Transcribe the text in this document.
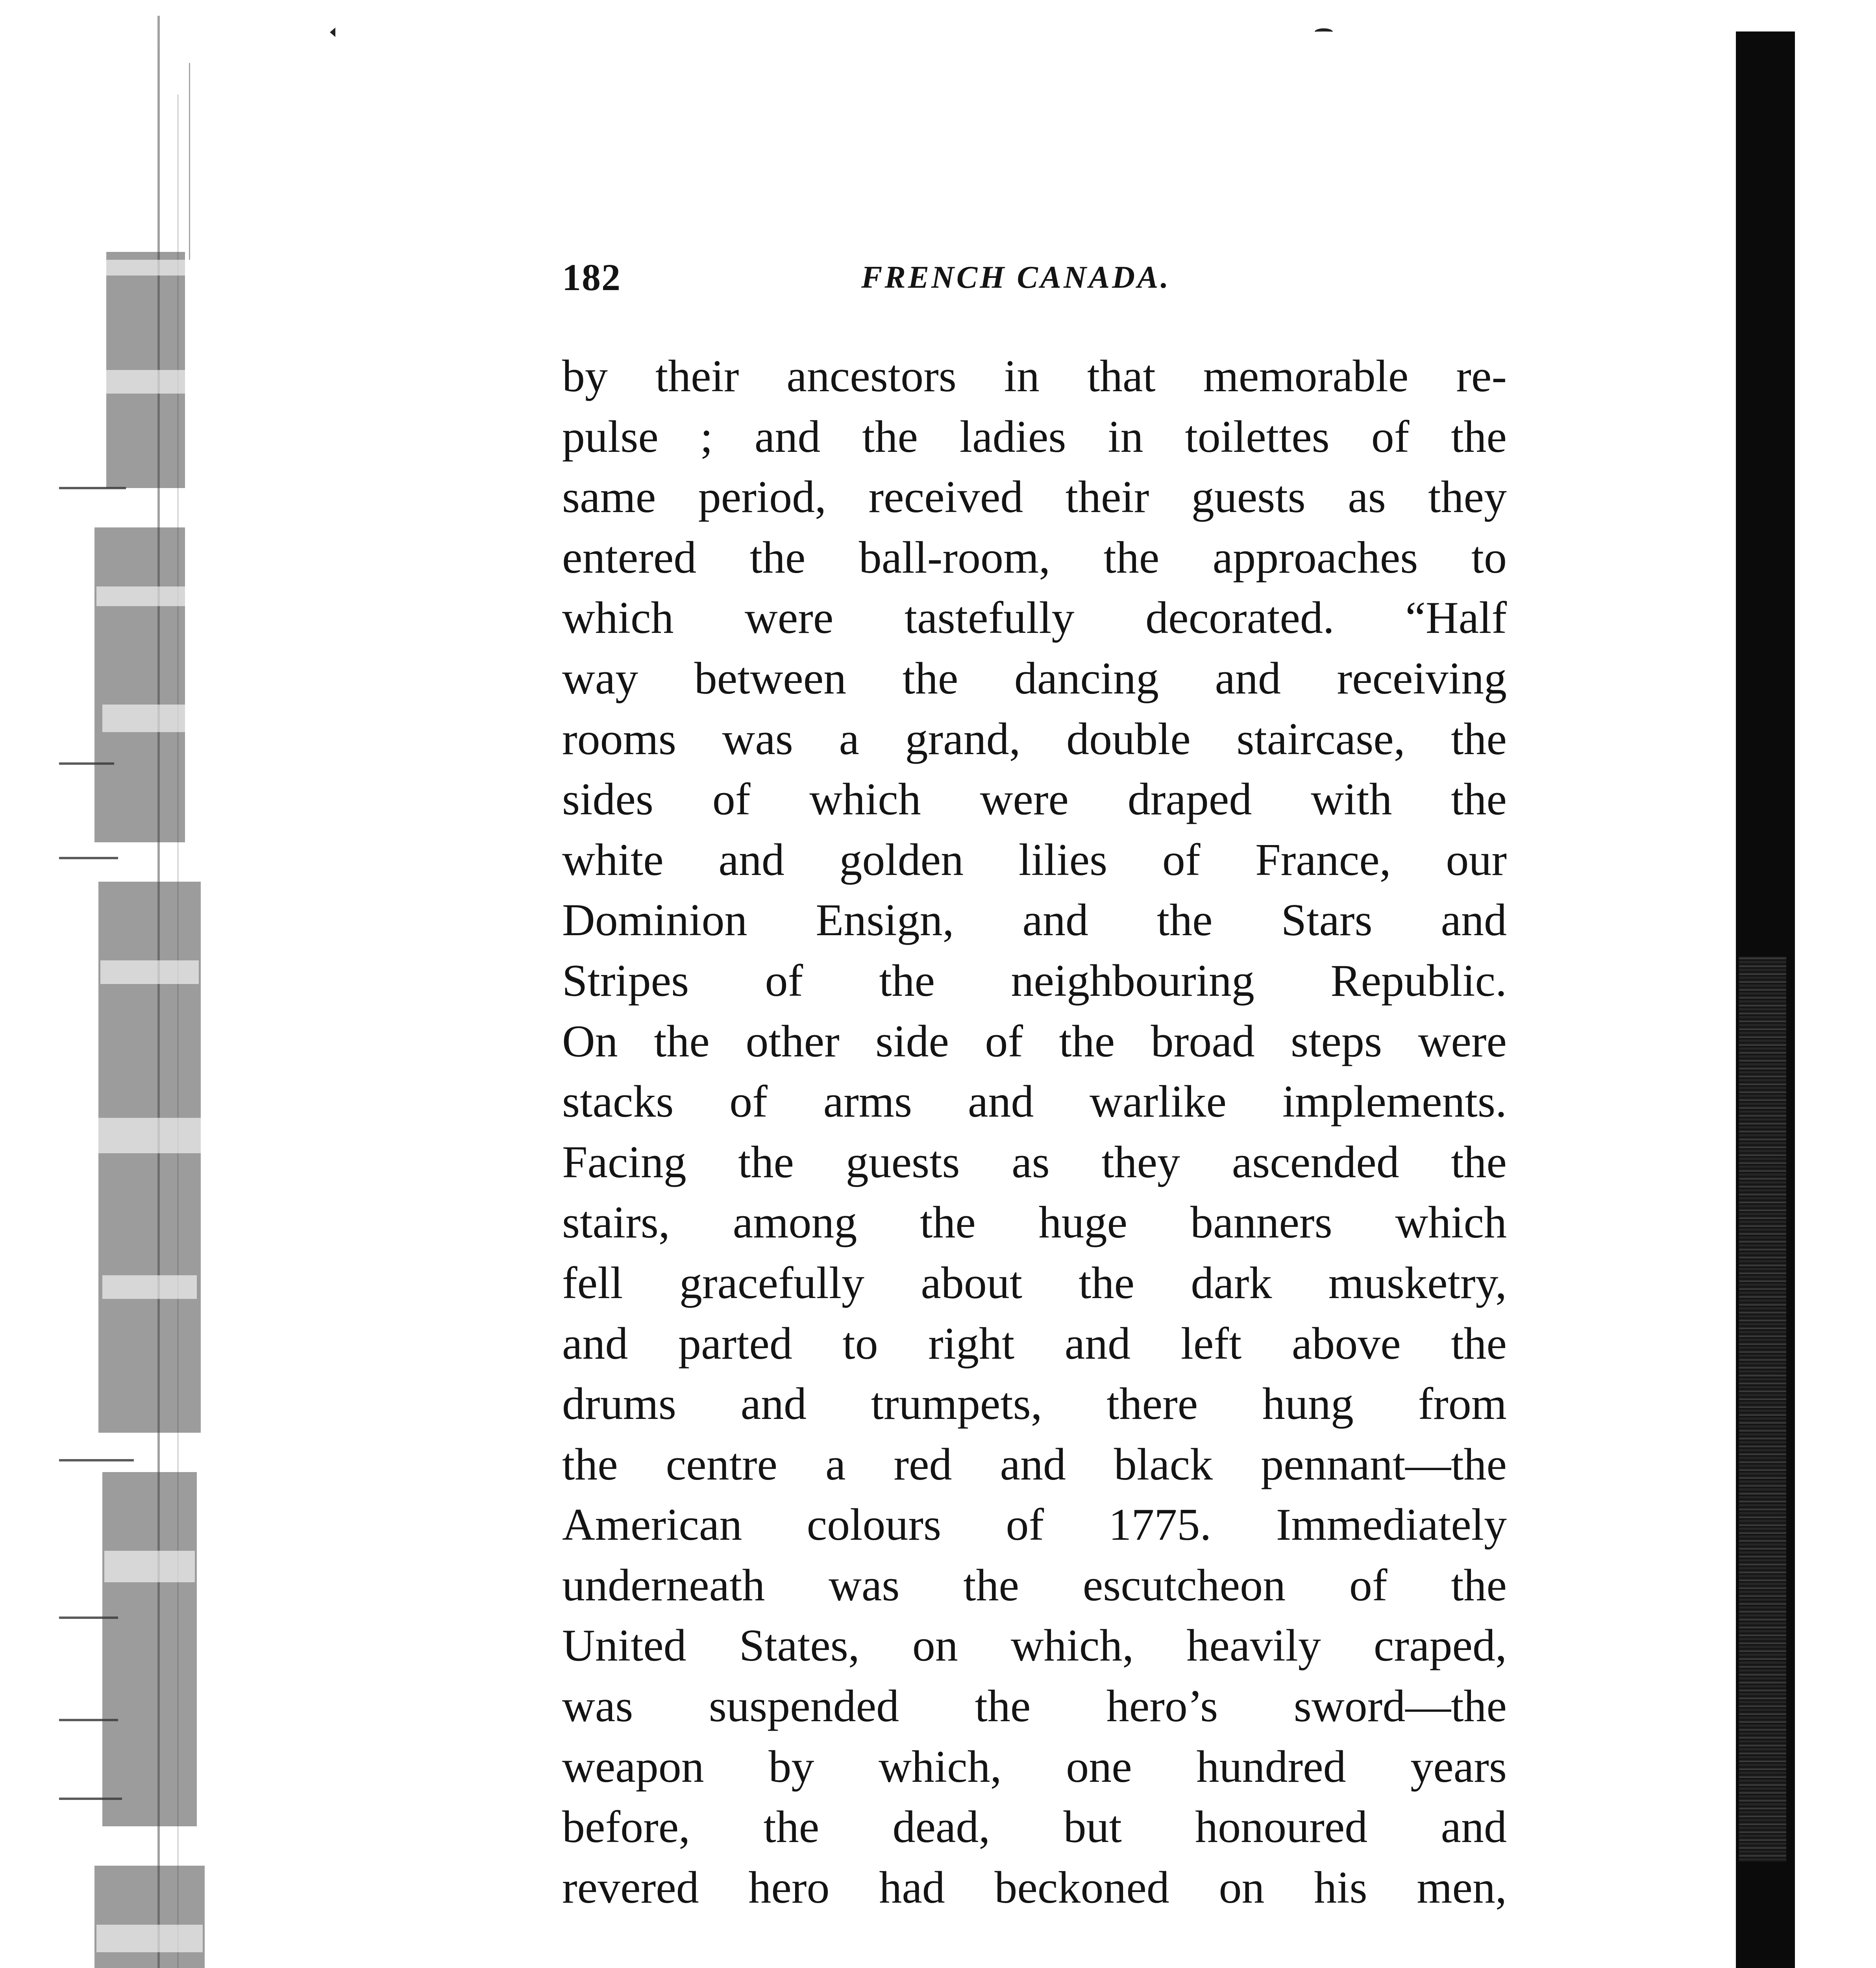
182	FRENCH CANADA.
by their ancestors in that memorable re-
pulse ; and the ladies in toilettes of the
same period, received their guests as they
entered the ball-room, the approaches to
which were tastefully decorated. “Half
way between the dancing and receiving
rooms was a grand, double staircase, the
sides of which were draped with the
white and golden lilies of France, our
Dominion Ensign, and the Stars and
Stripes of the neighbouring Republic.
On the other side of the broad steps were
stacks of arms and warlike implements.
Facing the guests as they ascended the
stairs, among the huge banners which
fell gracefully about the dark musketry,
and parted to right and left above the
drums and trumpets, there hung from
the centre a red and black pennant—the
American colours of 1775. Immediately
underneath was the escutcheon of the
United States, on which, heavily craped,
was suspended the hero’s sword—the
weapon by which, one hundred years
before, the dead, but honoured and
revered hero had beckoned on his men,
